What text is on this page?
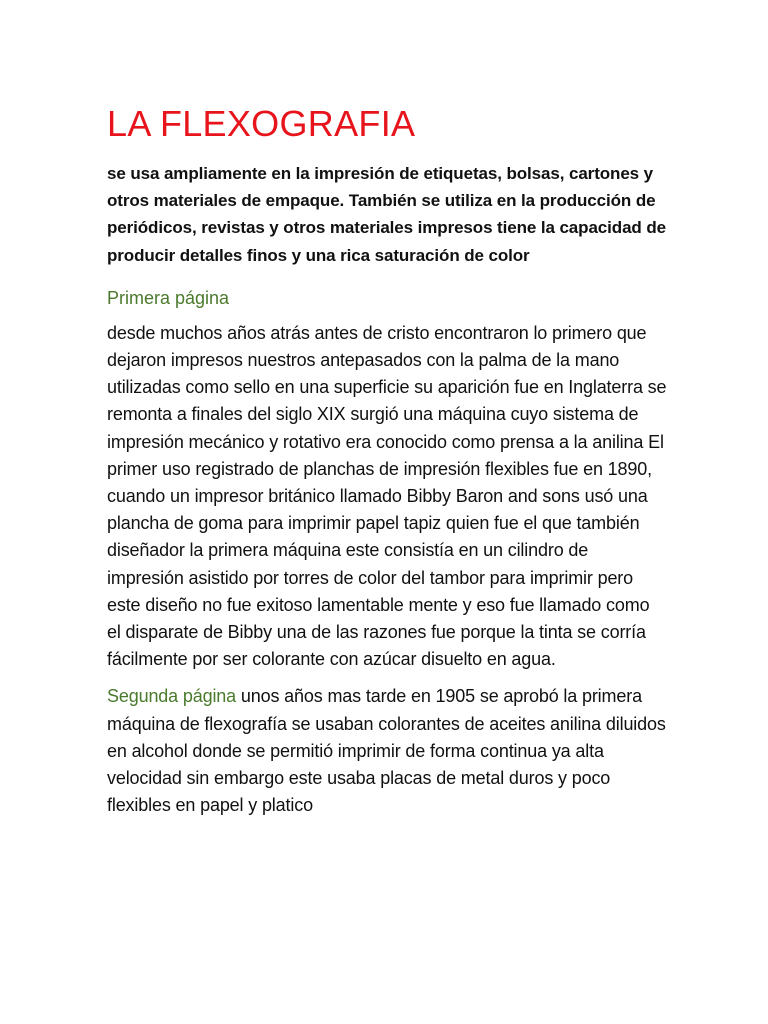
LA FLEXOGRAFIA

se usa ampliamente en la impresión de etiquetas, bolsas, cartones y otros materiales de empaque. También se utiliza en la producción de periódicos, revistas y otros materiales impresos tiene la capacidad de producir detalles finos y una rica saturación de color

Primera página

desde muchos años atrás antes de cristo encontraron lo primero que dejaron impresos nuestros antepasados con la palma de la mano utilizadas como sello en una superficie su aparición fue en Inglaterra se remonta a finales del siglo XIX surgió una máquina cuyo sistema de impresión mecánico y rotativo era conocido como prensa a la anilina El primer uso registrado de planchas de impresión flexibles fue en 1890, cuando un impresor británico llamado Bibby Baron and sons usó una plancha de goma para imprimir papel tapiz quien fue el que también diseñador la primera máquina este consistía en un cilindro de impresión asistido por torres de color del tambor para imprimir pero este diseño no fue exitoso lamentable mente y eso fue llamado como el disparate de Bibby una de las razones fue porque la tinta se corría fácilmente por ser colorante con azúcar disuelto en agua.

Segunda página unos años mas tarde en 1905 se aprobó la primera máquina de flexografía se usaban colorantes de aceites anilina diluidos en alcohol donde se permitió imprimir de forma continua ya alta velocidad sin embargo este usaba placas de metal duros y poco flexibles en papel y platico
